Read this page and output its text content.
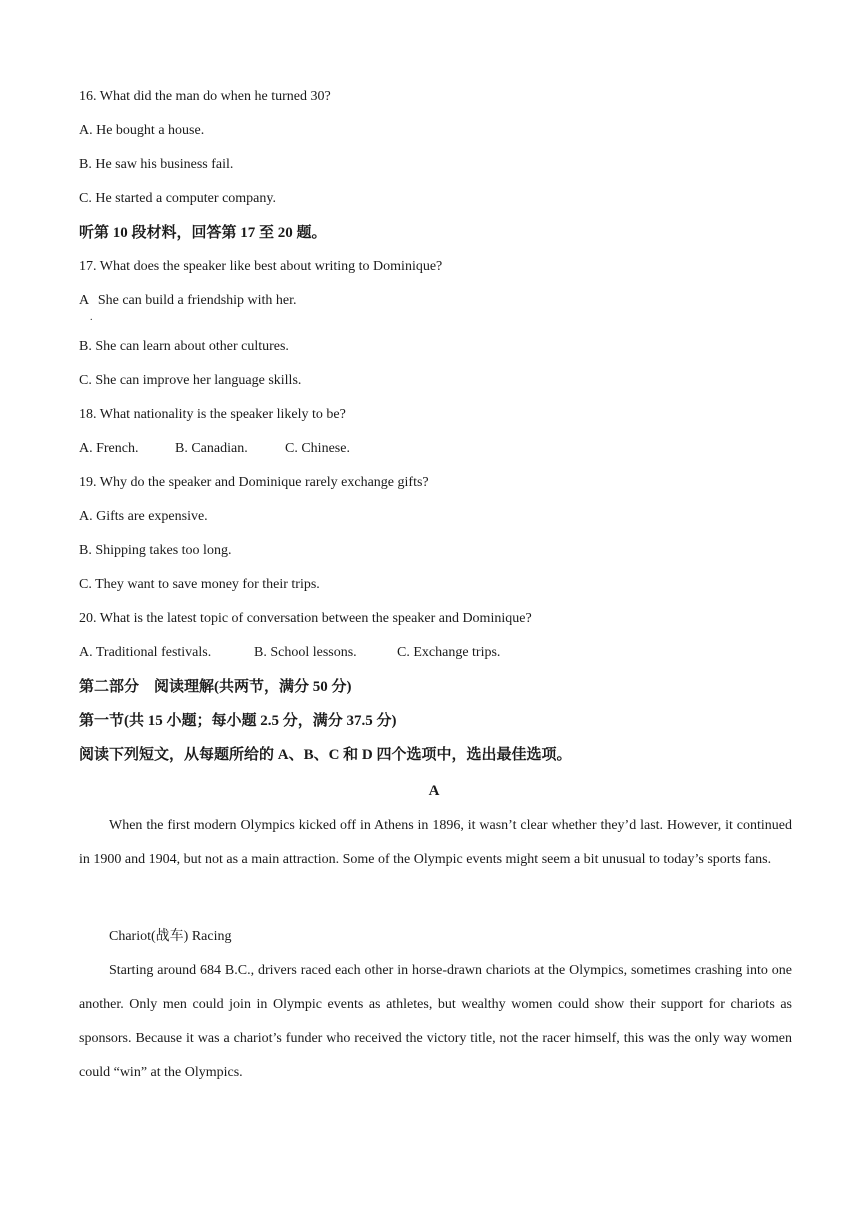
16. What did the man do when he turned 30?
A. He bought a house.
B. He saw his business fail.
C. He started a computer company.
听第 10 段材料，回答第 17 至 20 题。
17. What does the speaker like best about writing to Dominique?
A She can build a friendship with her.
.
B. She can learn about other cultures.
C. She can improve her language skills.
18. What nationality is the speaker likely to be?
A. French.	B. Canadian.	C. Chinese.
19. Why do the speaker and Dominique rarely exchange gifts?
A. Gifts are expensive.
B. Shipping takes too long.
C. They want to save money for their trips.
20. What is the latest topic of conversation between the speaker and Dominique?
A. Traditional festivals.	B. School lessons.	C. Exchange trips.
第二部分　阅读理解(共两节，满分 50 分)
第一节(共 15 小题；每小题 2.5 分，满分 37.5 分)
阅读下列短文，从每题所给的 A、B、C 和 D 四个选项中，选出最佳选项。
A
When the first modern Olympics kicked off in Athens in 1896, it wasn’t clear whether they’d last. However, it continued in 1900 and 1904, but not as a main attraction. Some of the Olympic events might seem a bit unusual to today’s sports fans.
Chariot(战车) Racing
Starting around 684 B.C., drivers raced each other in horse-drawn chariots at the Olympics, sometimes crashing into one another. Only men could join in Olympic events as athletes, but wealthy women could show their support for chariots as sponsors. Because it was a chariot’s funder who received the victory title, not the racer himself, this was the only way women could “win” at the Olympics.
